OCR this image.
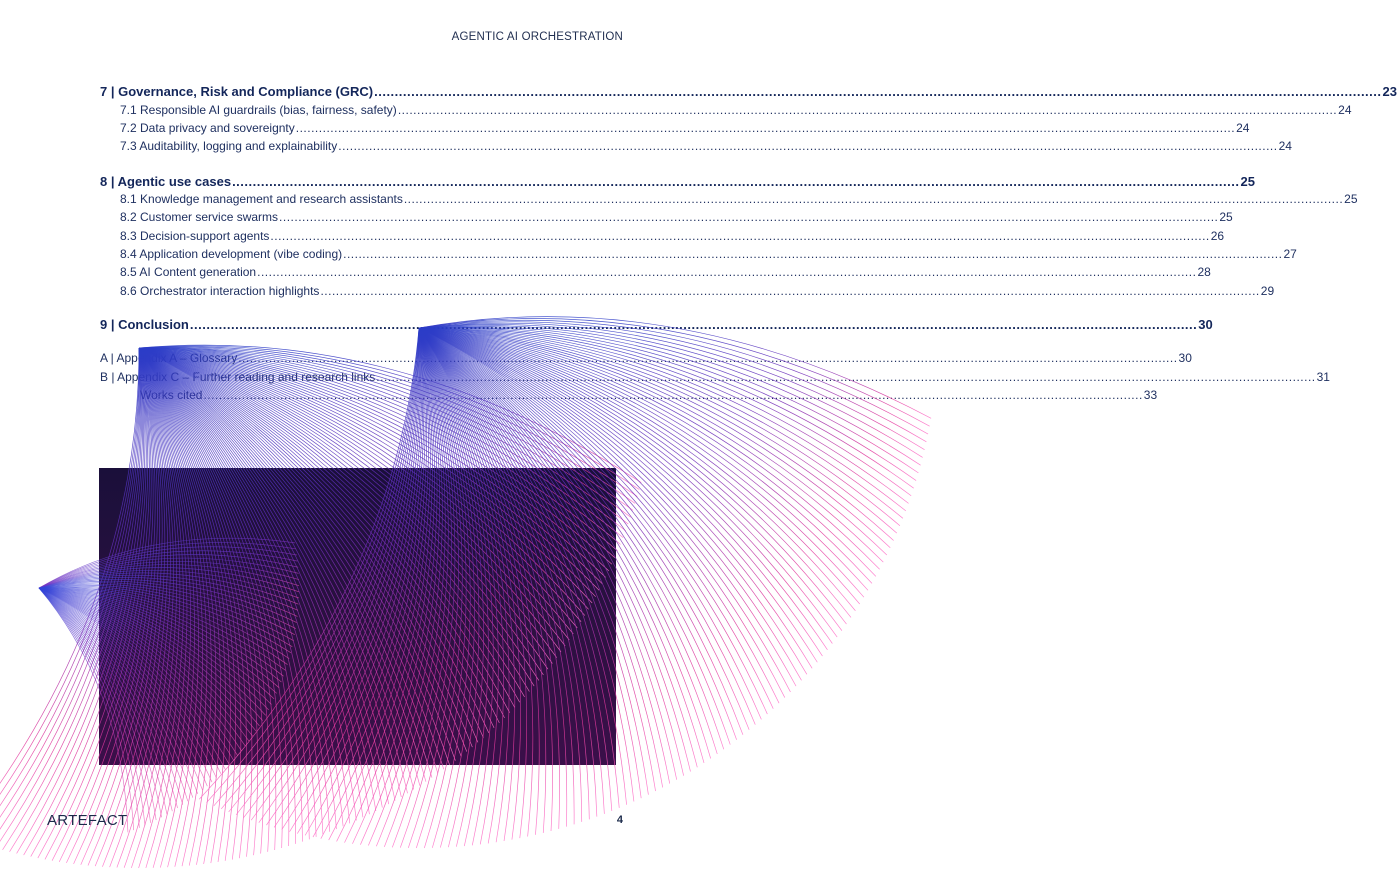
AGENTIC AI ORCHESTRATION
7 | Governance, Risk and Compliance (GRC) .....	23
7.1 Responsible AI guardrails (bias, fairness, safety) .....	24
7.2 Data privacy and sovereignty .....	24
7.3 Auditability, logging and explainability .....	24
8 | Agentic use cases .....	25
8.1 Knowledge management and research assistants .....	25
8.2 Customer service swarms .....	25
8.3 Decision-support agents .....	26
8.4 Application development (vibe coding) .....	27
8.5 AI Content generation .....	28
8.6 Orchestrator interaction highlights .....	29
9 | Conclusion .....	30
A | Appendix A – Glossary .....	30
B | Appendix C – Further reading and research links .....	31
Works cited .....	33
ARTEFACT	4
